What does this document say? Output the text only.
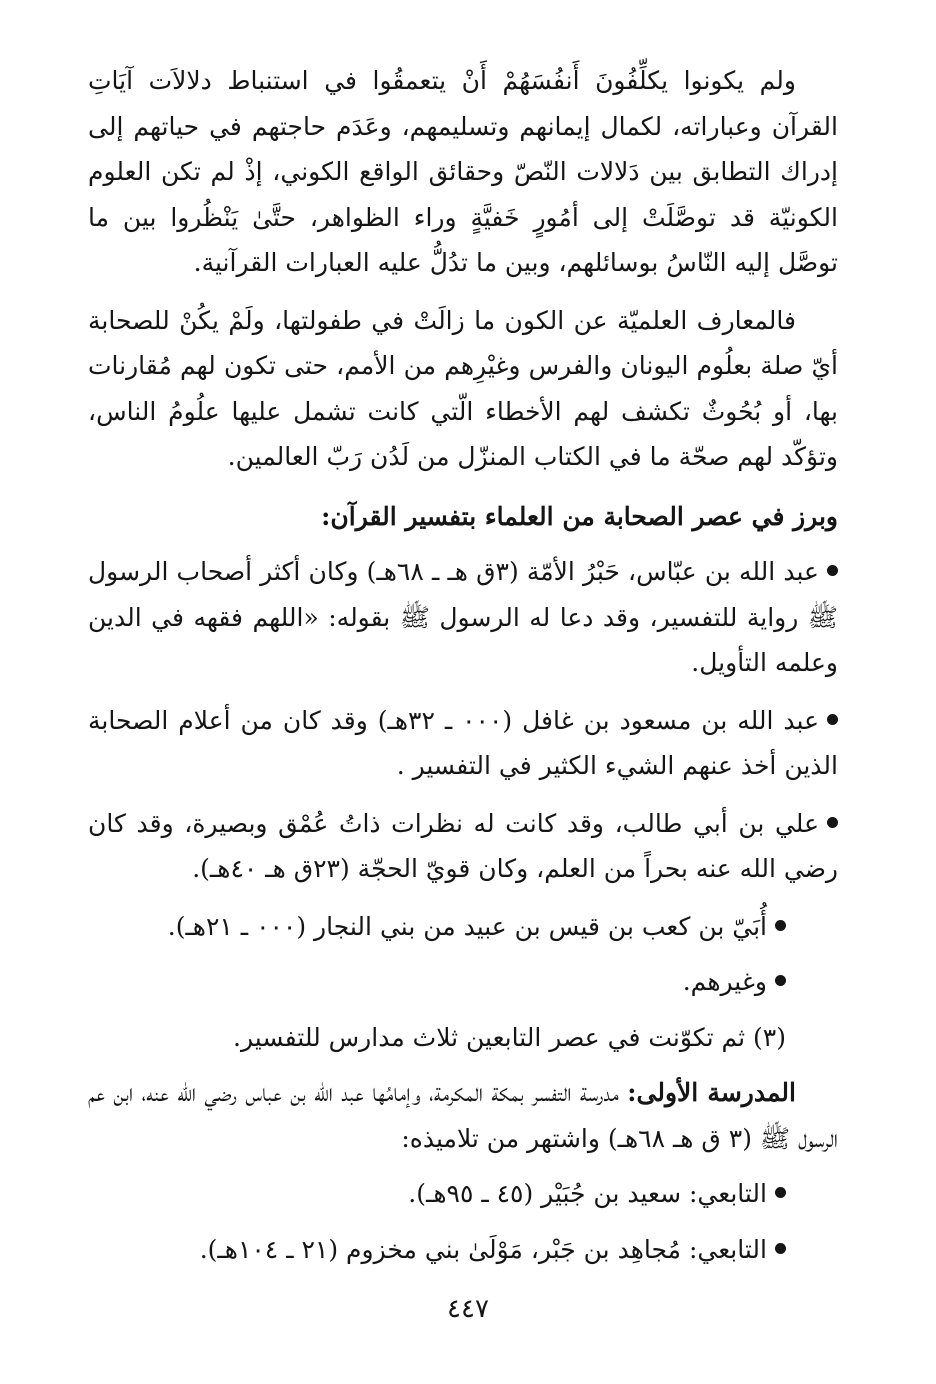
ولم يكونوا يكلِّفُونَ أَنفُسَهُمْ أَنْ يتعمقُوا في استنباط دلالاَت آيَاتِ القرآن وعباراته، لكمال إيمانهم وتسليمهم، وعَدَم حاجتهم في حياتهم إلى إدراك التطابق بين دَلالات النّصّ وحقائق الواقع الكوني، إذْ لم تكن العلوم الكونيّة قد توصَّلَتْ إلى أمُورٍ خَفيَّةٍ وراء الظواهر، حتَّىٰ يَنْظُروا بين ما توصَّل إليه النّاسُ بوسائلهم، وبين ما تدُلُّ عليه العبارات القرآنية.

فالمعارف العلميّة عن الكون ما زالَتْ في طفولتها، ولَمْ يكُنْ للصحابة أيّ صلة بعلُوم اليونان والفرس وغيْرِهم من الأمم، حتى تكون لهم مُقارنات بها، أو بُحُوثٌ تكشف لهم الأخطاء الّتي كانت تشمل عليها علُومُ الناس، وتؤكّد لهم صحّة ما في الكتاب المنزّل من لَدُن رَبّ العالمين.

وبرز في عصر الصحابة من العلماء بتفسير القرآن:

عبد الله بن عبّاس، حَبْرُ الأمّة (٣ق هـ ـ ٦٨هـ) وكان أكثر أصحاب الرسول ﷺ رواية للتفسير، وقد دعا له الرسول ﷺ بقوله: «اللهم فقهه في الدين وعلمه التأويل.

عبد الله بن مسعود بن غافل (٠٠٠ ـ ٣٢هـ) وقد كان من أعلام الصحابة الذين أخذ عنهم الشيء الكثير في التفسير .

علي بن أبي طالب، وقد كانت له نظرات ذاتُ عُمْق وبصيرة، وقد كان رضي الله عنه بحراً من العلم، وكان قويّ الحجّة (٢٣ق هـ ٤٠هـ).

أُبَيّ بن كعب بن قيس بن عبيد من بني النجار (٠٠٠ ـ ٢١هـ).

وغيرهم.

(٣) ثم تكوّنت في عصر التابعين ثلاث مدارس للتفسير.

المدرسة الأولى: مدرسة التفسر بمكة المكرمة، وإمامُها عبد الله بن عباس رضي الله عنه، ابن عم الرسول ﷺ (٣ ق هـ ٦٨هـ) واشتهر من تلاميذه:

التابعي: سعيد بن جُبَيْر (٤٥ ـ ٩٥هـ).

التابعي: مُجاهِد بن جَبْر، مَوْلَىٰ بني مخزوم (٢١ ـ ١٠٤هـ).

٤٤٧
